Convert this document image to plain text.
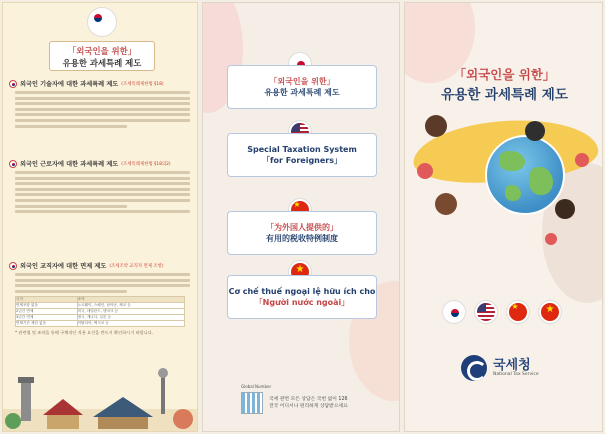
「외국인을 위한」
유용한 과세특례 제도
외국인 기술자에 대한 과세특례 제도 (조세특례제한법 §18)
외국인 근로자에 대한 과세특례 제도 (조세특례제한법 §18의2)
외국인 교직자에 대한 면제 제도 (조세조약 교직자 면제 조항)
국가	조약
면제조항 없음	노르웨이, 스페인, 남아공, 체코 등
2년간 면제	미국, 네덜란드, 덴마크 등
3년간 면제	영국, 캐나다, 일본 등
면제기간 제한 없음	이탈리아, 멕시코 등
* 관련법 및 조약을 통해 구체적인 적용 요건을 반드시 확인하시기 바랍니다.
「외국인을 위한」
유용한 과세특례 제도
Special Taxation System
「for Foreigners」
★
「为外国人提供的」
有用的税收特例制度
★
Cơ chế thuế ngoại lệ hữu ích cho
「Người nước ngoài」
Global Number
국세 관련 모든 상담은 국번 없이 126
전국 어디서나 편리하게 상담받으세요
「외국인을 위한」
유용한 과세특례 제도
★
★
국세청
National Tax Service
